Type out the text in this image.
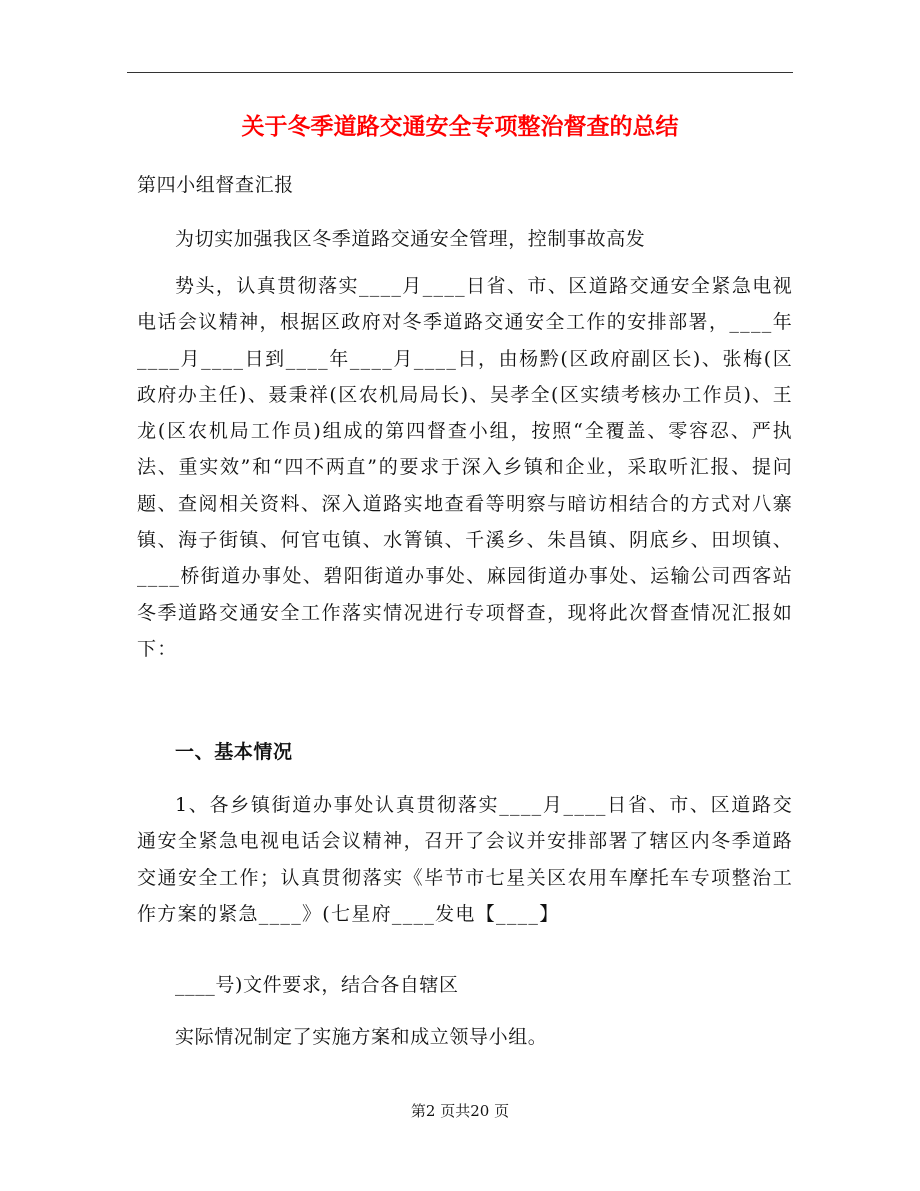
关于冬季道路交通安全专项整治督查的总结
第四小组督查汇报
为切实加强我区冬季道路交通安全管理，控制事故高发
势头，认真贯彻落实____月____日省、市、区道路交通安全紧急电视电话会议精神，根据区政府对冬季道路交通安全工作的安排部署，____年____月____日到____年____月____日，由杨黔(区政府副区长)、张梅(区政府办主任)、聂秉祥(区农机局局长)、吴孝全(区实绩考核办工作员)、王龙(区农机局工作员)组成的第四督查小组，按照“全覆盖、零容忍、严执法、重实效”和“四不两直”的要求于深入乡镇和企业，采取听汇报、提问题、查阅相关资料、深入道路实地查看等明察与暗访相结合的方式对八寨镇、海子街镇、何官屯镇、水箐镇、千溪乡、朱昌镇、阴底乡、田坝镇、____桥街道办事处、碧阳街道办事处、麻园街道办事处、运输公司西客站冬季道路交通安全工作落实情况进行专项督查，现将此次督查情况汇报如下：
一、基本情况
1、各乡镇街道办事处认真贯彻落实____月____日省、市、区道路交通安全紧急电视电话会议精神，召开了会议并安排部署了辖区内冬季道路交通安全工作；认真贯彻落实《毕节市七星关区农用车摩托车专项整治工作方案的紧急____》(七星府____发电【____】
____号)文件要求，结合各自辖区
实际情况制定了实施方案和成立领导小组。
第2 页共20 页
